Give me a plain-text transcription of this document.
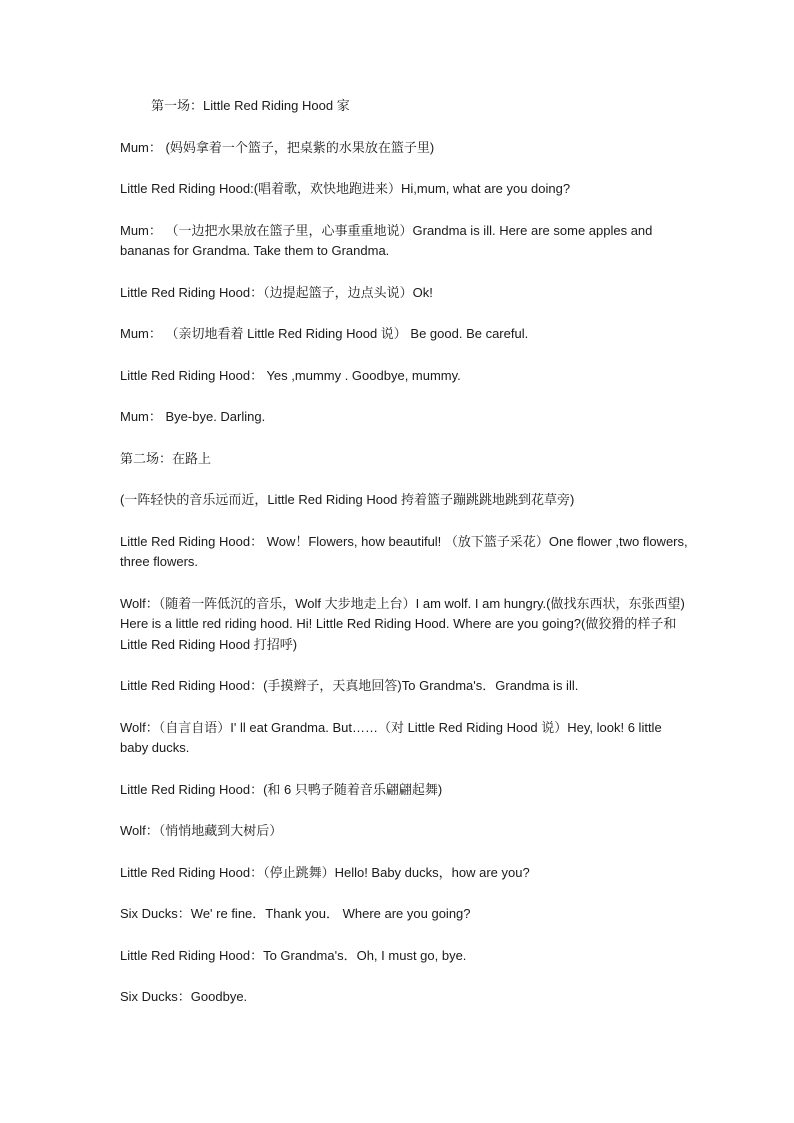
第一场：Little Red Riding Hood 家

Mum： (妈妈拿着一个篮子，把桌紫的水果放在篮子里)

Little Red Riding Hood:(唱着歌，欢快地跑进来）Hi,mum, what are you doing?

Mum： （一边把水果放在篮子里，心事重重地说）Grandma is ill. Here are some apples and bananas for Grandma. Take them to Grandma.

Little Red Riding Hood：（边提起篮子，边点头说）Ok!

Mum： （亲切地看着 Little Red Riding Hood 说） Be good. Be careful.

Little Red Riding Hood： Yes ,mummy . Goodbye, mummy.

Mum： Bye-bye. Darling.

第二场：在路上

(一阵轻快的音乐远而近，Little Red Riding Hood 挎着篮子蹦跳跳地跳到花草旁)

Little Red Riding Hood： Wow！Flowers, how beautiful! （放下篮子采花）One flower ,two flowers, three flowers.

Wolf：（随着一阵低沉的音乐，Wolf 大步地走上台）I am wolf. I am hungry.(做找东西状，东张西望) Here is a little red riding hood. Hi! Little Red Riding Hood. Where are you going?(做狡猾的样子和 Little Red Riding Hood 打招呼)

Little Red Riding Hood：(手摸辫子，天真地回答)To Grandma's．Grandma is ill.

Wolf：（自言自语）I' ll eat Grandma. But……（对 Little Red Riding Hood 说）Hey, look! 6 little baby ducks.

Little Red Riding Hood：(和 6 只鸭子随着音乐翩翩起舞)

Wolf：（悄悄地藏到大树后）

Little Red Riding Hood：（停止跳舞）Hello! Baby ducks，how are you?

Six Ducks：We' re fine．Thank you． Where are you going?

Little Red Riding Hood：To Grandma's．Oh, I must go, bye.

Six Ducks：Goodbye.
